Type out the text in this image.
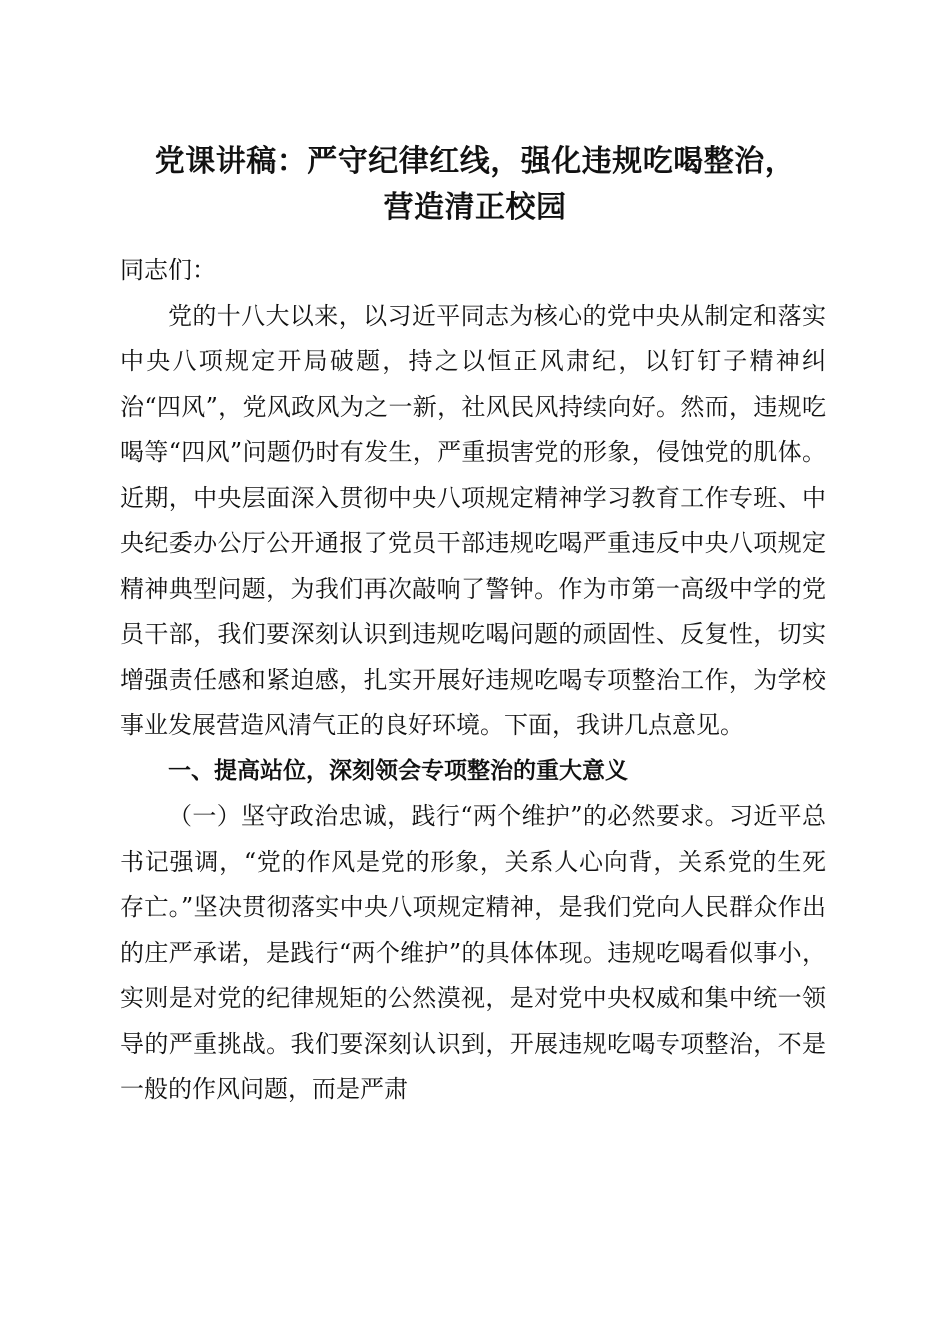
党课讲稿：严守纪律红线，强化违规吃喝整治，
营造清正校园

同志们：

党的十八大以来，以习近平同志为核心的党中央从制定和落实中央八项规定开局破题，持之以恒正风肃纪，以钉钉子精神纠治“四风”，党风政风为之一新，社风民风持续向好。然而，违规吃喝等“四风”问题仍时有发生，严重损害党的形象，侵蚀党的肌体。近期，中央层面深入贯彻中央八项规定精神学习教育工作专班、中央纪委办公厅公开通报了党员干部违规吃喝严重违反中央八项规定精神典型问题，为我们再次敲响了警钟。作为市第一高级中学的党员干部，我们要深刻认识到违规吃喝问题的顽固性、反复性，切实增强责任感和紧迫感，扎实开展好违规吃喝专项整治工作，为学校事业发展营造风清气正的良好环境。下面，我讲几点意见。

一、提高站位，深刻领会专项整治的重大意义

（一）坚守政治忠诚，践行“两个维护”的必然要求。习近平总书记强调，“党的作风是党的形象，关系人心向背，关系党的生死存亡。”坚决贯彻落实中央八项规定精神，是我们党向人民群众作出的庄严承诺，是践行“两个维护”的具体体现。违规吃喝看似事小，实则是对党的纪律规矩的公然漠视，是对党中央权威和集中统一领导的严重挑战。我们要深刻认识到，开展违规吃喝专项整治，不是一般的作风问题，而是严肃
